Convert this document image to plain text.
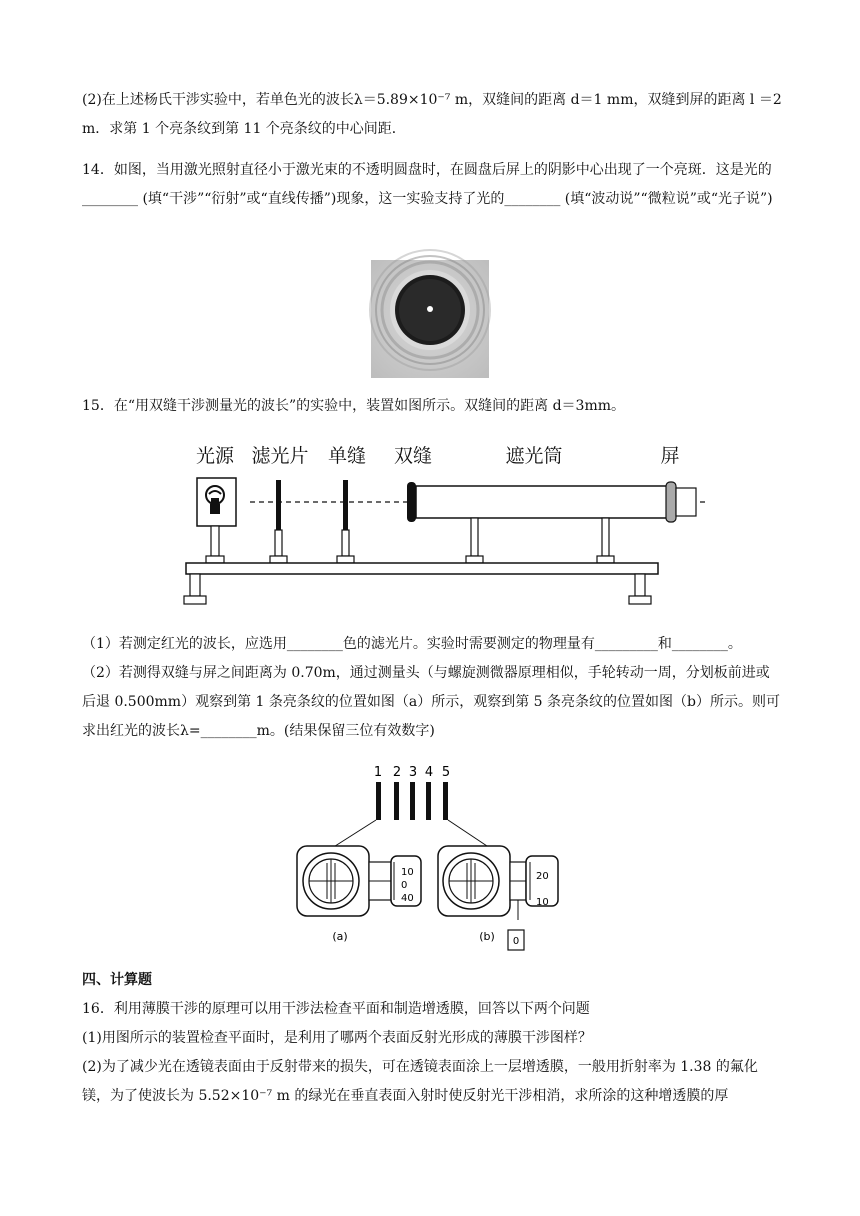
(2)在上述杨氏干涉实验中，若单色光的波长λ＝5.89×10⁻⁷ m，双缝间的距离 d＝1 mm，双缝到屏的距离 l ＝2 m．求第 1 个亮条纹到第 11 个亮条纹的中心间距．

14．如图，当用激光照射直径小于激光束的不透明圆盘时，在圆盘后屏上的阴影中心出现了一个亮斑．这是光的________ (填“干涉”“衍射”或“直线传播”)现象，这一实验支持了光的________ (填“波动说”“微粒说”或“光子说”)

15．在“用双缝干涉测量光的波长”的实验中，装置如图所示。双缝间的距离 d＝3mm。

光源 滤光片 单缝 双缝	遮光筒	屏

（1）若测定红光的波长，应选用________色的滤光片。实验时需要测定的物理量有_________和________。

（2）若测得双缝与屏之间距离为 0.70m，通过测量头（与螺旋测微器原理相似，手轮转动一周，分划板前进或后退 0.500mm）观察到第 1 条亮条纹的位置如图（a）所示，观察到第 5 条亮条纹的位置如图（b）所示。则可求出红光的波长λ=________m。(结果保留三位有效数字)

1 2 3 4 5
10
0
40
(a)
20
10
0
(b)

四、计算题

16．利用薄膜干涉的原理可以用干涉法检查平面和制造增透膜，回答以下两个问题

(1)用图所示的装置检查平面时，是利用了哪两个表面反射光形成的薄膜干涉图样？

(2)为了减少光在透镜表面由于反射带来的损失，可在透镜表面涂上一层增透膜，一般用折射率为 1.38 的氟化镁，为了使波长为 5.52×10⁻⁷ m 的绿光在垂直表面入射时使反射光干涉相消，求所涂的这种增透膜的厚
